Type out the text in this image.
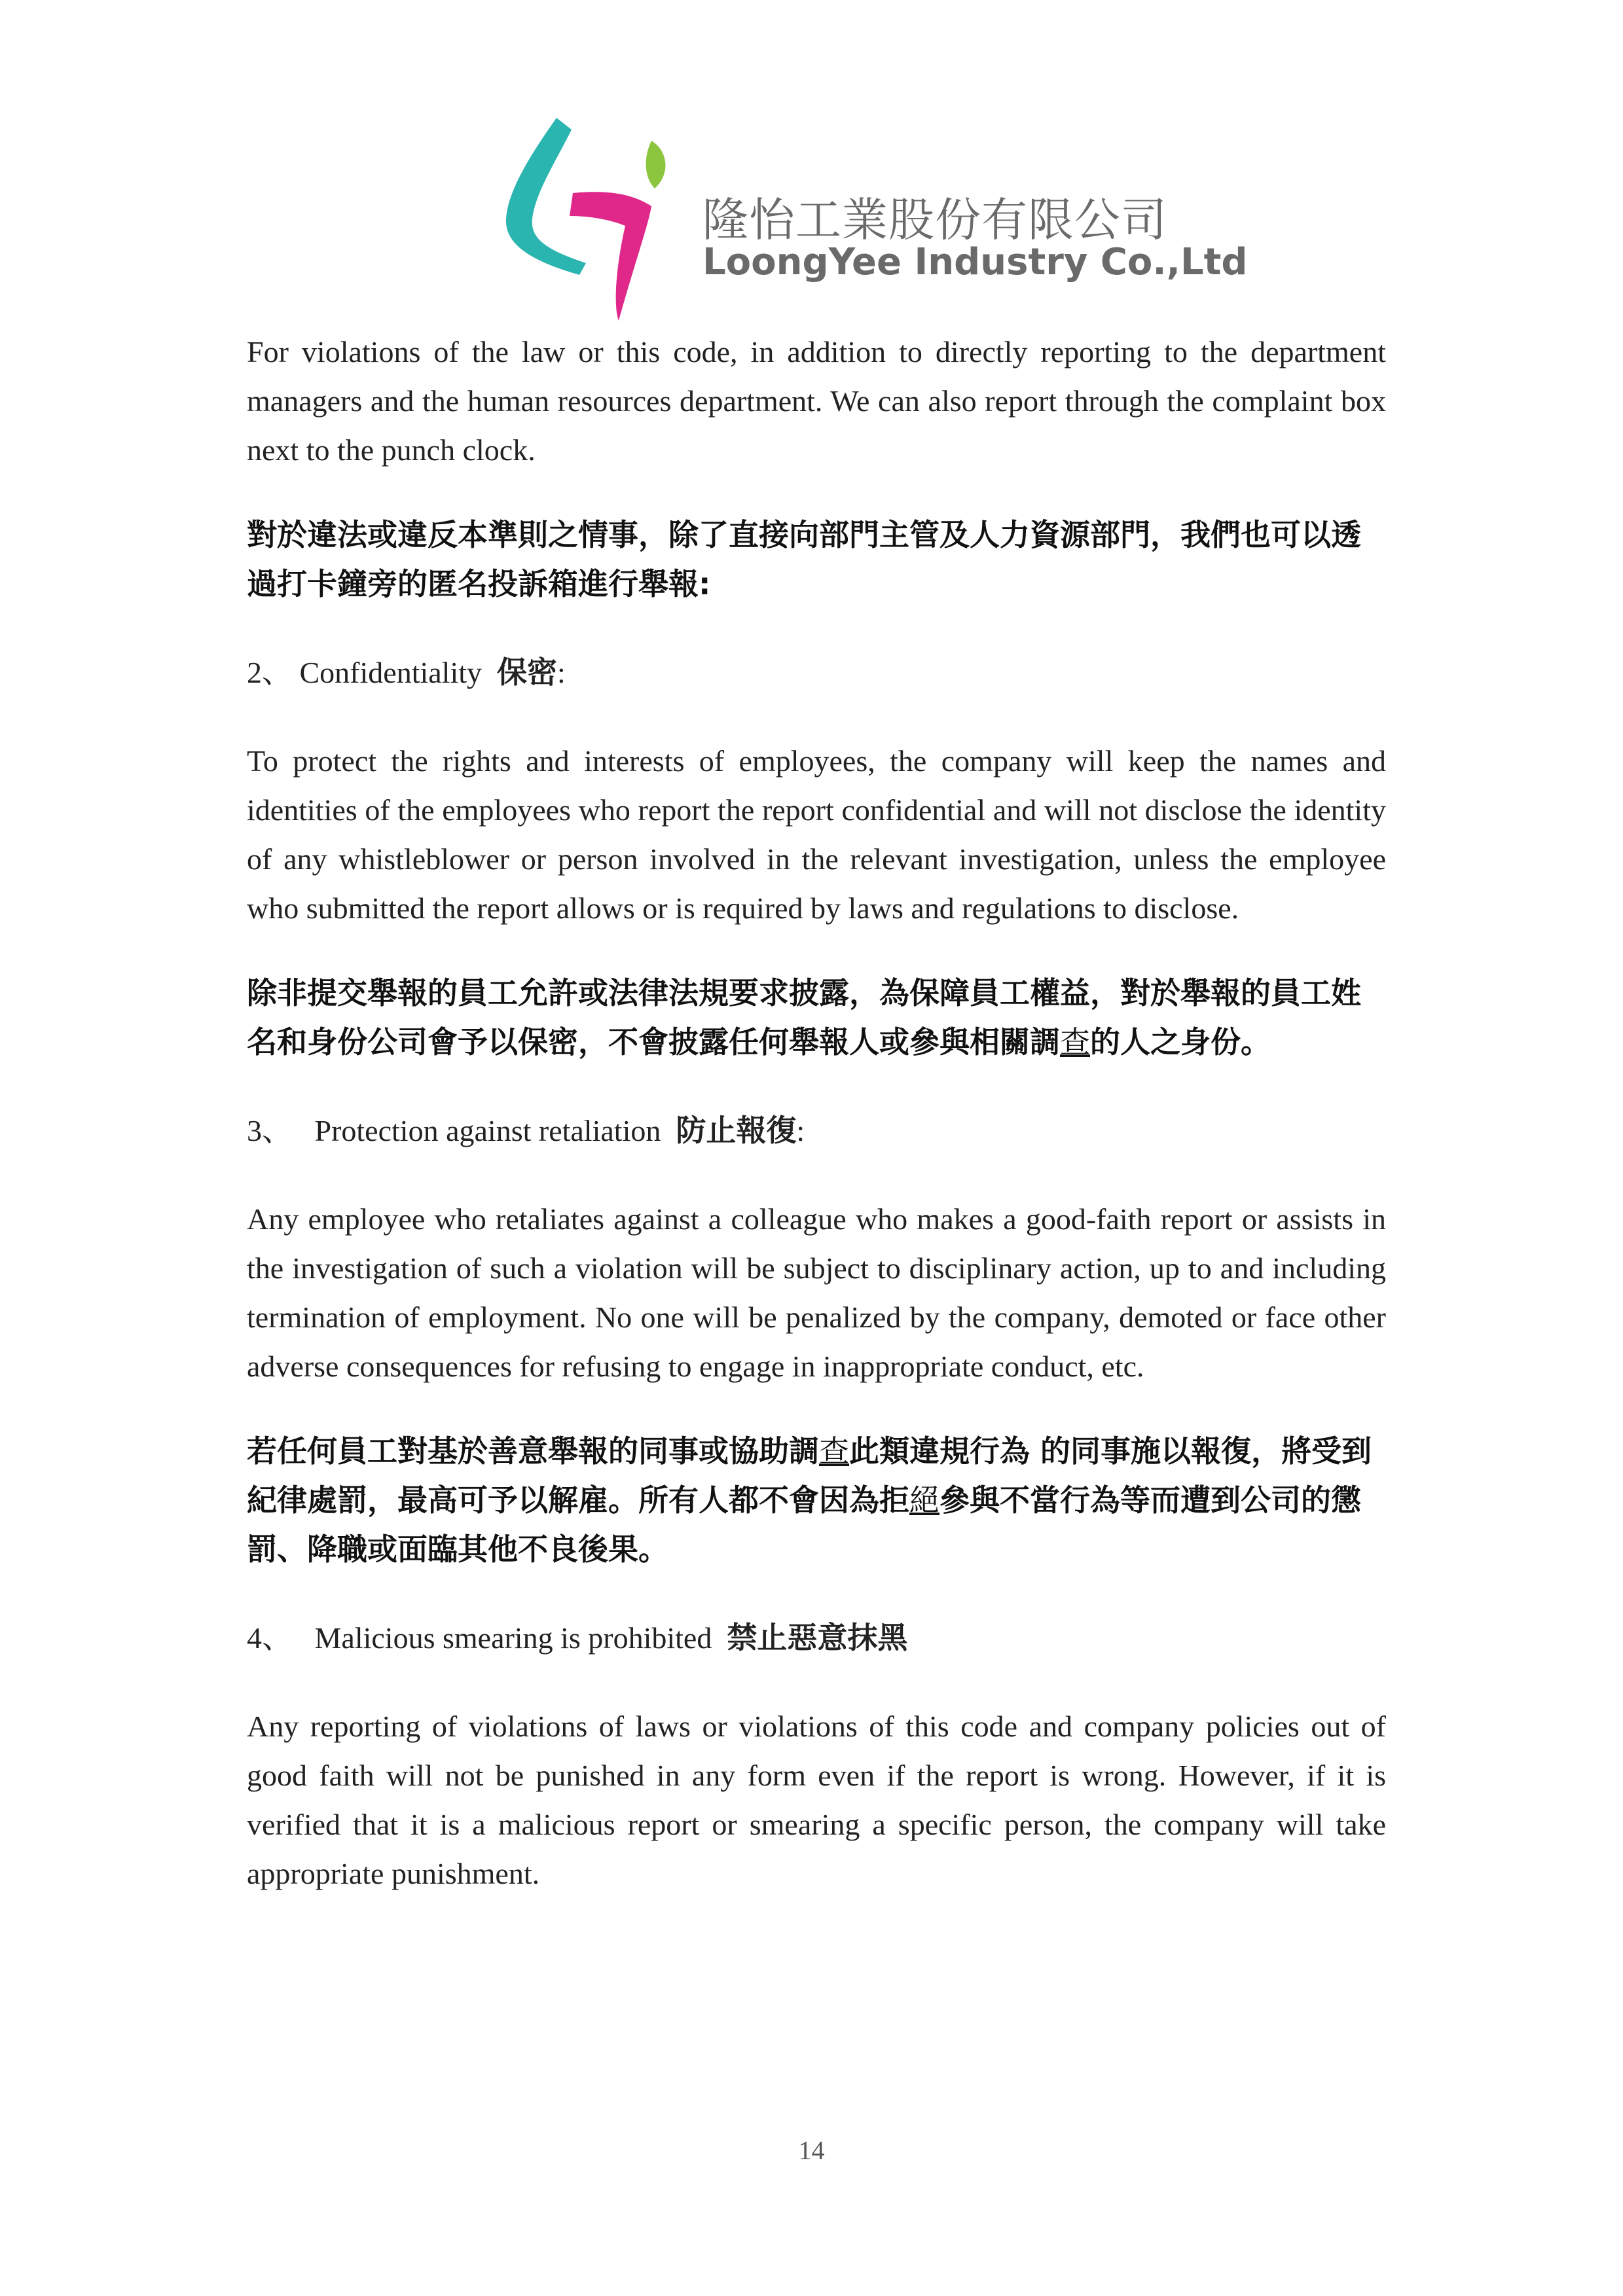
隆怡工業股份有限公司
LoongYee Industry Co.,Ltd

For violations of the law or this code, in addition to directly reporting to the department managers and the human resources department. We can also report through the complaint box next to the punch clock.

對於違法或違反本準則之情事，除了直接向部門主管及人力資源部門，我們也可以透過打卡鐘旁的匿名投訴箱進行舉報:

2、 Confidentiality 保密:

To protect the rights and interests of employees, the company will keep the names and identities of the employees who report the report confidential and will not disclose the identity of any whistleblower or person involved in the relevant investigation, unless the employee who submitted the report allows or is required by laws and regulations to disclose.

除非提交舉報的員工允許或法律法規要求披露，為保障員工權益，對於舉報的員工姓名和身份公司會予以保密，不會披露任何舉報人或參與相關調查的人之身份。

3、 Protection against retaliation 防止報復:

Any employee who retaliates against a colleague who makes a good-faith report or assists in the investigation of such a violation will be subject to disciplinary action, up to and including termination of employment. No one will be penalized by the company, demoted or face other adverse consequences for refusing to engage in inappropriate conduct, etc.

若任何員工對基於善意舉報的同事或協助調查此類違規行為 的同事施以報復，將受到紀律處罰，最高可予以解雇。所有人都不會因為拒絕參與不當行為等而遭到公司的懲罰、降職或面臨其他不良後果。

4、 Malicious smearing is prohibited 禁止惡意抹黑

Any reporting of violations of laws or violations of this code and company policies out of good faith will not be punished in any form even if the report is wrong. However, if it is verified that it is a malicious report or smearing a specific person, the company will take appropriate punishment.

14
